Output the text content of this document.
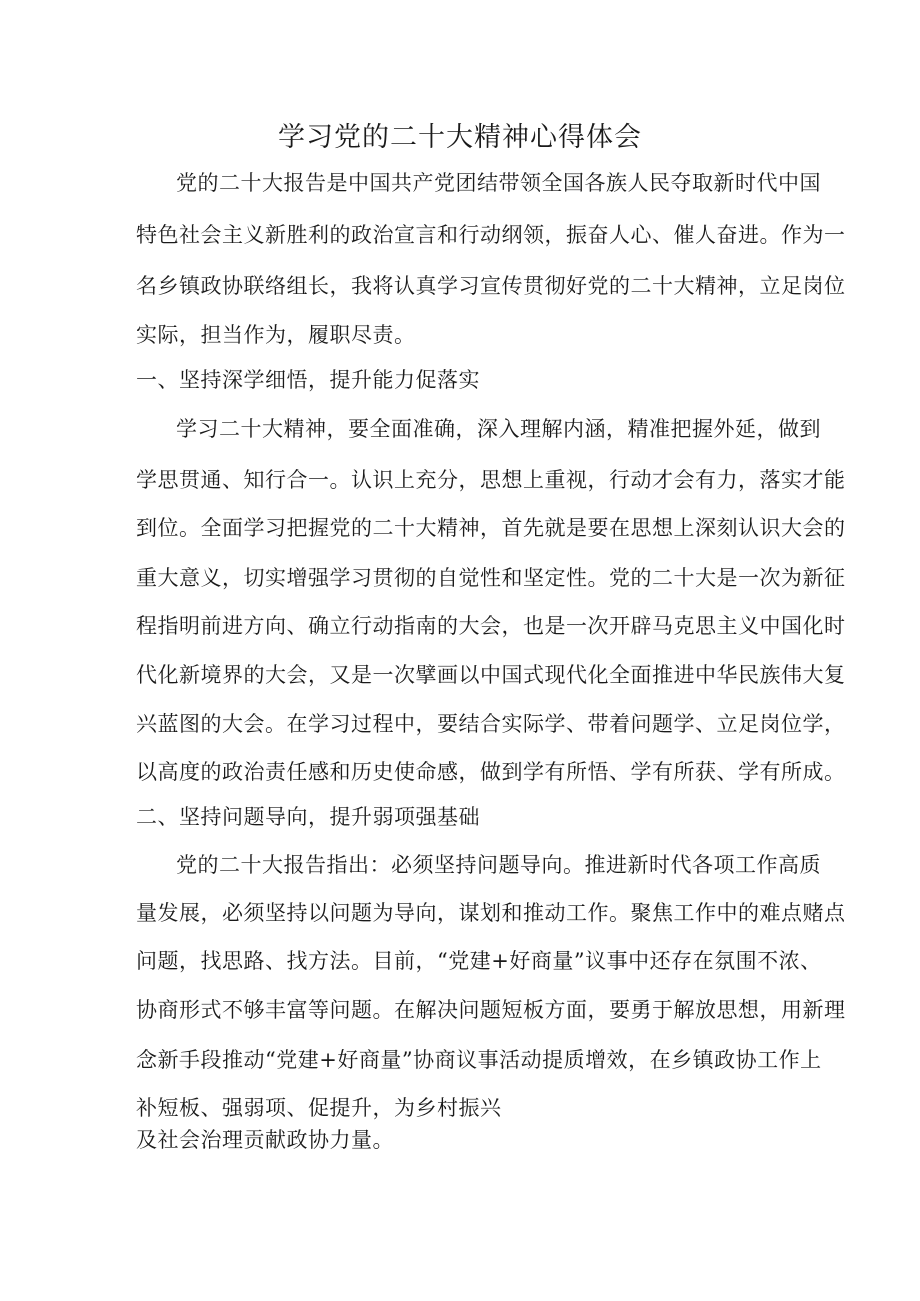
学习党的二十大精神心得体会
党的二十大报告是中国共产党团结带领全国各族人民夺取新时代中国
特色社会主义新胜利的政治宣言和行动纲领，振奋人心、催人奋进。作为一
名乡镇政协联络组长，我将认真学习宣传贯彻好党的二十大精神，立足岗位
实际，担当作为，履职尽责。
一、坚持深学细悟，提升能力促落实
学习二十大精神，要全面准确，深入理解内涵，精准把握外延，做到
学思贯通、知行合一。认识上充分，思想上重视，行动才会有力，落实才能
到位。全面学习把握党的二十大精神，首先就是要在思想上深刻认识大会的
重大意义，切实增强学习贯彻的自觉性和坚定性。党的二十大是一次为新征
程指明前进方向、确立行动指南的大会，也是一次开辟马克思主义中国化时
代化新境界的大会，又是一次擘画以中国式现代化全面推进中华民族伟大复
兴蓝图的大会。在学习过程中，要结合实际学、带着问题学、立足岗位学，
以高度的政治责任感和历史使命感，做到学有所悟、学有所获、学有所成。
二、坚持问题导向，提升弱项强基础
党的二十大报告指出：必须坚持问题导向。推进新时代各项工作高质
量发展，必须坚持以问题为导向，谋划和推动工作。聚焦工作中的难点赌点
问题，找思路、找方法。目前，“党建+好商量”议事中还存在氛围不浓、
协商形式不够丰富等问题。在解决问题短板方面，要勇于解放思想，用新理
念新手段推动“党建+好商量”协商议事活动提质增效，在乡镇政协工作上
补短板、强弱项、促提升，为乡村振兴
及社会治理贡献政协力量。
